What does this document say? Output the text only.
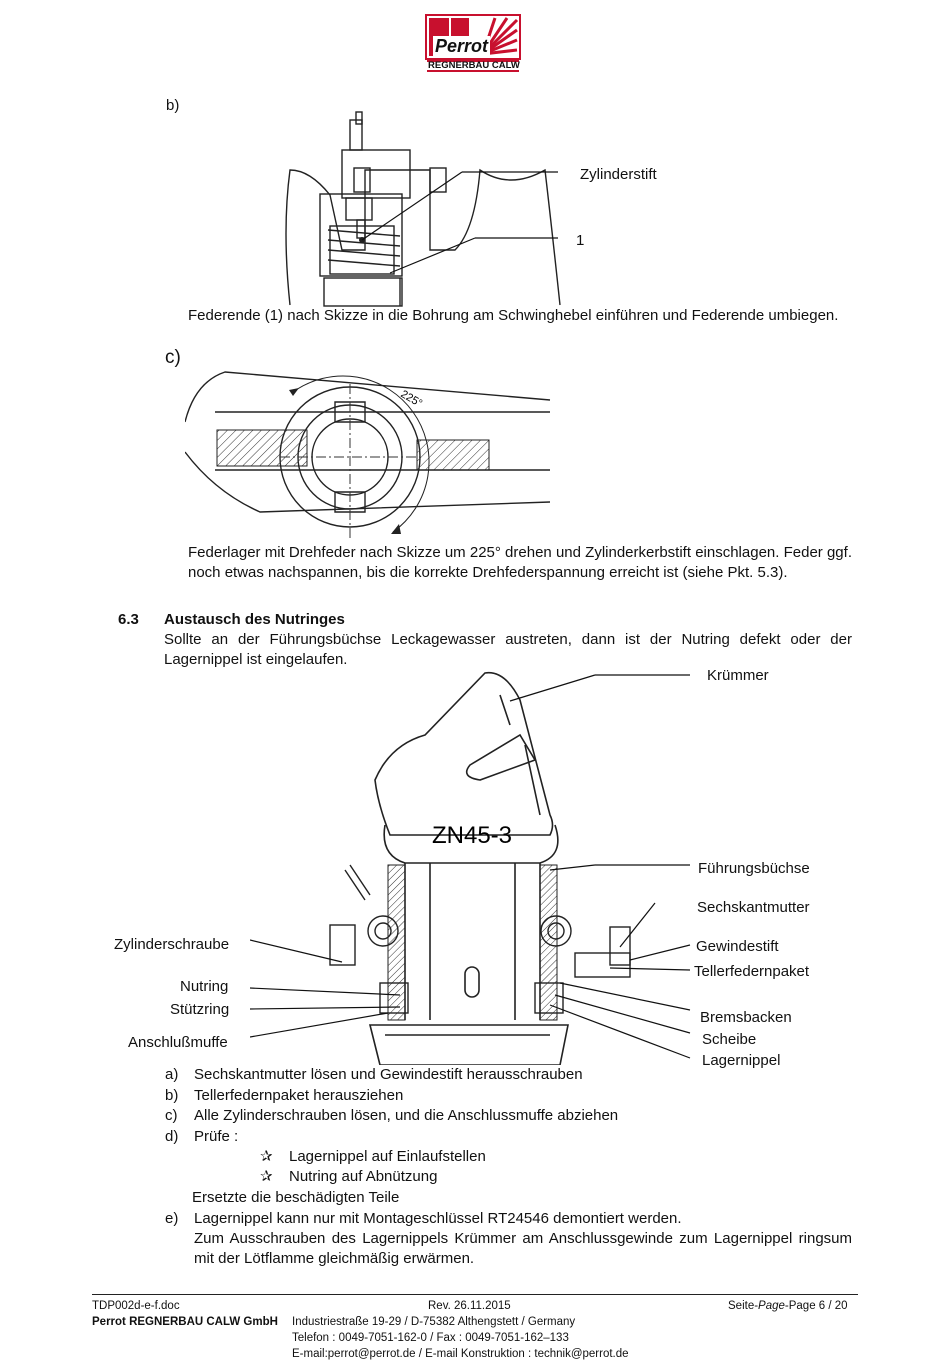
Perrot
REGNERBAU CALW
b)
Zylinderstift
1
Federende (1) nach Skizze in die Bohrung am Schwinghebel einführen und Federende umbiegen.
c)
225°
Federlager mit Drehfeder nach Skizze um 225° drehen und Zylinderkerbstift einschlagen. Feder ggf. noch etwas nachspannen, bis die korrekte Drehfederspannung erreicht ist (siehe Pkt. 5.3).
6.3 Austausch des Nutringes
Sollte an der Führungsbüchse Leckagewasser austreten, dann ist der Nutring defekt oder der Lagernippel ist eingelaufen.
ZN45-3
Zylinderschraube
Nutring
Stützring
Anschlußmuffe
Krümmer
Führungsbüchse
Sechskantmutter
Gewindestift
Tellerfedernpaket
Bremsbacken
Scheibe
Lagernippel
a) Sechskantmutter lösen und Gewindestift herausschrauben
b) Tellerfedernpaket herausziehen
c) Alle Zylinderschrauben lösen, und die Anschlussmuffe abziehen
d) Prüfe :
✰ Lagernippel auf Einlaufstellen
✰ Nutring auf Abnützung
Ersetzte die beschädigten Teile
e) Lagernippel kann nur mit Montageschlüssel RT24546 demontiert werden.
Zum Ausschrauben des Lagernippels Krümmer am Anschlussgewinde zum Lagernippel ringsum mit der Lötflamme gleichmäßig erwärmen.
TDP002d-e-f.doc	Rev. 26.11.2015	Seite-Page-Page 6 / 20
Perrot REGNERBAU CALW GmbH Industriestraße 19-29 / D-75382 Althengstett / Germany
Telefon : 0049-7051-162-0 / Fax : 0049-7051-162–133
E-mail:perrot@perrot.de / E-mail Konstruktion : technik@perrot.de
